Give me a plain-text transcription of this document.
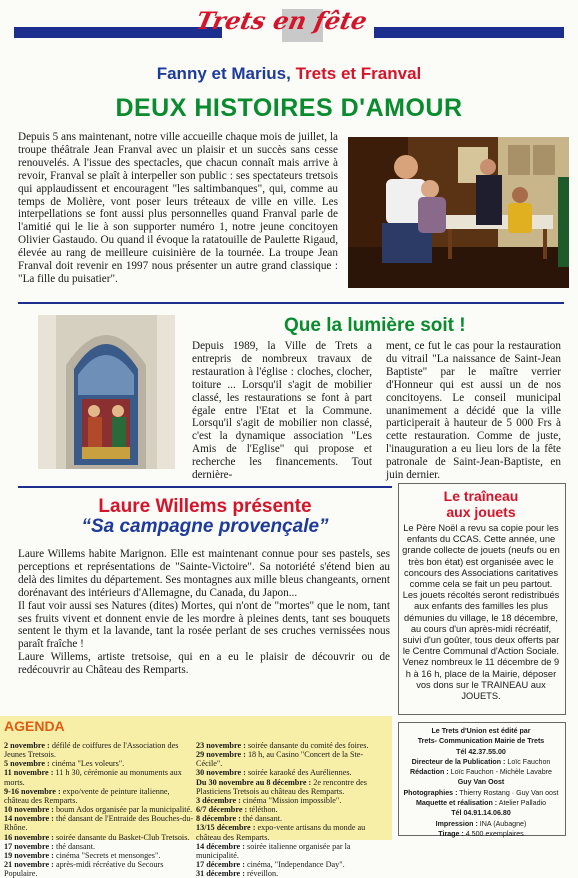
Trets en fête
Fanny et Marius, Trets et Franval
DEUX HISTOIRES D'AMOUR
Depuis 5 ans maintenant, notre ville accueille chaque mois de juillet, la troupe théâtrale Jean Franval avec un plaisir et un succès sans cesse renouvelés. A l'issue des spectacles, que chacun connaît mais arrive à revoir, Franval se plaît à interpeller son public : ses spectateurs tretsois qui applaudissent et encouragent "les saltimbanques", qui, comme au temps de Molière, vont poser leurs tréteaux de ville en ville. Les interpellations se font aussi plus personnelles quand Franval parle de l'amitié qui le lie à son supporter numéro 1, notre jeune concitoyen Olivier Gastaudo. Ou quand il évoque la ratatouille de Paulette Rigaud, élevée au rang de meilleure cuisinière de la tournée. La troupe Jean Franval doit revenir en 1997 nous présenter un autre grand classique : "La fille du puisatier".
Que la lumière soit !
Depuis 1989, la Ville de Trets a entrepris de nombreux travaux de restauration à l'église : cloches, clocher, toiture ... Lorsqu'il s'agit de mobilier classé, les restaurations se font à part égale entre l'Etat et la Commune. Lorsqu'il s'agit de mobilier non classé, c'est la dynamique association "Les Amis de l'Eglise" qui propose et recherche les financements. Tout dernière-
ment, ce fut le cas pour la restauration du vitrail "La naissance de Saint-Jean Baptiste" par le maître verrier d'Honneur qui est aussi un de nos concitoyens. Le conseil municipal unanimement a décidé que la ville participerait à hauteur de 5 000 Frs à cette restauration. Comme de juste, l'inauguration a eu lieu lors de la fête patronale de Saint-Jean-Baptiste, en juin dernier.
Laure Willems présente
“Sa campagne provençale”
Laure Willems habite Marignon. Elle est maintenant connue pour ses pastels, ses perceptions et représentations de "Sainte-Victoire". Sa notoriété s'étend bien au delà des limites du département. Ses montagnes aux mille bleus changeants, ornent dorénavant des intérieurs d'Allemagne, du Canada, du Japon...
Il faut voir aussi ses Natures (dites) Mortes, qui n'ont de "mortes" que le nom, tant ses fruits vivent et donnent envie de les mordre à pleines dents, tant ses bouquets sentent le thym et la lavande, tant la rosée perlant de ses cruches vernissées nous paraît fraîche !
Laure Willems, artiste tretsoise, qui en a eu le plaisir de découvrir ou de redécouvrir au Château des Remparts.
Le traîneau
aux jouets
Le Père Noël a revu sa copie pour les enfants du CCAS. Cette année, une grande collecte de jouets (neufs ou en très bon état) est organisée avec le concours des Associations caritatives comme cela se fait un peu partout.
Les jouets récoltés seront redistribués aux enfants des familles les plus démunies du village, le 18 décembre, au cours d'un après-midi récréatif, suivi d'un goûter, tous deux offerts par le Centre Communal d'Action Sociale. Venez nombreux le 11 décembre de 9 h à 16 h, place de la Mairie, déposer vos dons sur le TRAINEAU aux JOUETS.
AGENDA

2 novembre : défilé de coiffures de l'Association des Jeunes Tretsois.

5 novembre : cinéma "Les voleurs".

11 novembre : 11 h 30, cérémonie au monuments aux morts.

9-16 novembre : expo/vente de peinture italienne, château des Remparts.

10 novembre : boum Ados organisée par la municipalité.

14 novembre : thé dansant de l'Entraide des Bouches-du-Rhône.

16 novembre : soirée dansante du Basket-Club Tretsois.

17 novembre : thé dansant.

19 novembre : cinéma "Secrets et mensonges".

21 novembre : après-midi récréative du Secours Populaire.

23 novembre : soirée dansante du comité des foires.

29 novembre : 18 h, au Casino "Concert de la Ste-Cécile".

30 novembre : soirée karaoké des Auréliennes.

Du 30 novembre au 8 décembre : 2e rencontre des Plasticiens Tretsois au château des Remparts.

3 décembre : cinéma "Mission impossible".

6/7 décembre : téléthon.

8 décembre : thé dansant.

13/15 décembre : expo-vente artisans du monde au château des Remparts.

14 décembre : soirée italienne organisée par la municipalité.

17 décembre : cinéma, "Independance Day".

31 décembre : réveillon.

Le Trets d'Union est édité par

Trets- Communication Mairie de Trets

Tél 42.37.55.00

Directeur de la Publication : Loïc Fauchon

Rédaction : Loïc Fauchon - Michèle Lavabre

Guy Van Oost

Photographies : Thierry Rostang · Guy Van oost

Maquette et réalisation : Atelier Palladio

Tél 04.91.14.06.80

Impression : INA (Aubagne)

Tirage : 4.500 exemplaires
